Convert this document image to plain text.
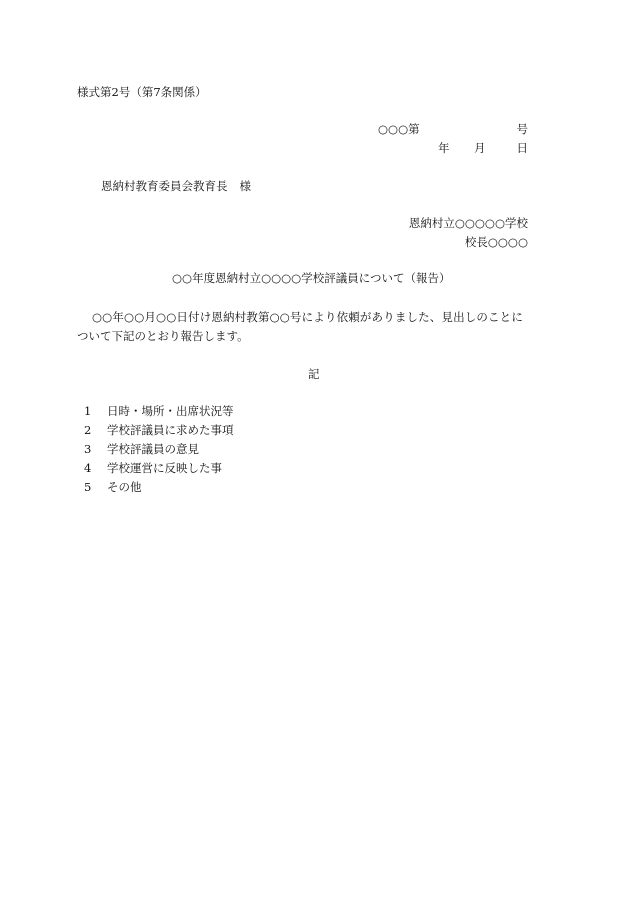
様式第2号（第7条関係）
○○○第	号
年 月	日
恩納村教育委員会教育長 様
恩納村立○○○○○学校
校長○○○○
○○年度恩納村立○○○○学校評議員について（報告）
○○年○○月○○日付け恩納村教第○○号により依頼がありました、見出しのことに
ついて下記のとおり報告します。
記
1 日時・場所・出席状況等
2 学校評議員に求めた事項
3 学校評議員の意見
4 学校運営に反映した事
5 その他
